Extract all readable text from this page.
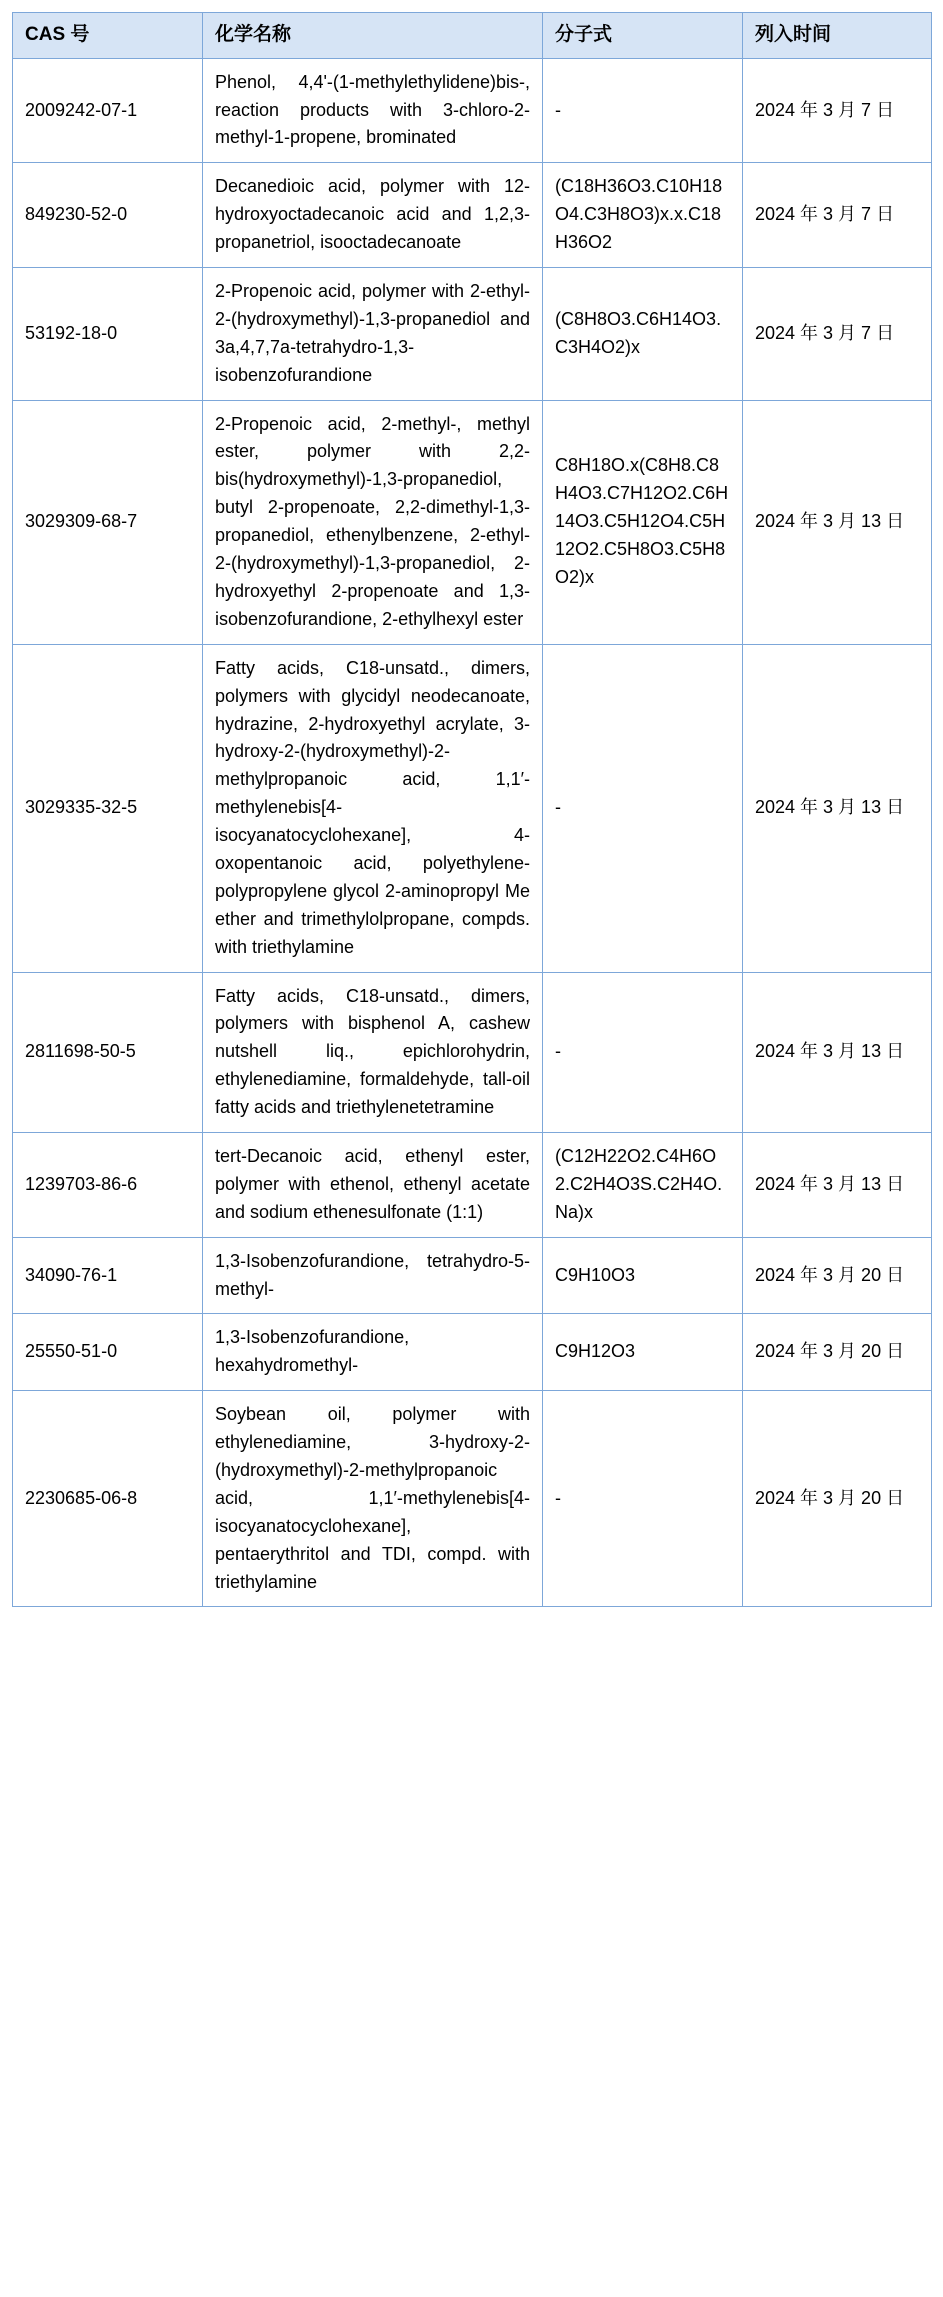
CAS 号	化学名称	分子式	列入时间
2009242-07-1	Phenol, 4,4'-(1-methylethylidene)bis-, reaction products with 3-chloro-2-methyl-1-propene, brominated	-	2024 年 3 月 7 日
849230-52-0	Decanedioic acid, polymer with 12-hydroxyoctadecanoic acid and 1,2,3-propanetriol, isooctadecanoate	(C18H36O3.C10H18O4.C3H8O3)x.x.C18H36O2	2024 年 3 月 7 日
53192-18-0	2-Propenoic acid, polymer with 2-ethyl-2-(hydroxymethyl)-1,3-propanediol and 3a,4,7,7a-tetrahydro-1,3-isobenzofurandione	(C8H8O3.C6H14O3.C3H4O2)x	2024 年 3 月 7 日
3029309-68-7	2-Propenoic acid, 2-methyl-, methyl ester, polymer with 2,2-bis(hydroxymethyl)-1,3-propanediol, butyl 2-propenoate, 2,2-dimethyl-1,3-propanediol, ethenylbenzene, 2-ethyl-2-(hydroxymethyl)-1,3-propanediol, 2-hydroxyethyl 2-propenoate and 1,3-isobenzofurandione, 2-ethylhexyl ester	C8H18O.x(C8H8.C8H4O3.C7H12O2.C6H14O3.C5H12O4.C5H12O2.C5H8O3.C5H8O2)x	2024 年 3 月 13 日
3029335-32-5	Fatty acids, C18-unsatd., dimers, polymers with glycidyl neodecanoate, hydrazine, 2-hydroxyethyl acrylate, 3-hydroxy-2-(hydroxymethyl)-2-methylpropanoic acid, 1,1′-methylenebis[4-isocyanatocyclohexane], 4-oxopentanoic acid, polyethylene-polypropylene glycol 2-aminopropyl Me ether and trimethylolpropane, compds. with triethylamine	-	2024 年 3 月 13 日
2811698-50-5	Fatty acids, C18-unsatd., dimers, polymers with bisphenol A, cashew nutshell liq., epichlorohydrin, ethylenediamine, formaldehyde, tall-oil fatty acids and triethylenetetramine	-	2024 年 3 月 13 日
1239703-86-6	tert-Decanoic acid, ethenyl ester, polymer with ethenol, ethenyl acetate and sodium ethenesulfonate (1:1)	(C12H22O2.C4H6O2.C2H4O3S.C2H4O.Na)x	2024 年 3 月 13 日
34090-76-1	1,3-Isobenzofurandione, tetrahydro-5-methyl-	C9H10O3	2024 年 3 月 20 日
25550-51-0	1,3-Isobenzofurandione, hexahydromethyl-	C9H12O3	2024 年 3 月 20 日
2230685-06-8	Soybean oil, polymer with ethylenediamine, 3-hydroxy-2-(hydroxymethyl)-2-methylpropanoic acid, 1,1′-methylenebis[4-isocyanatocyclohexane], pentaerythritol and TDI, compd. with triethylamine	-	2024 年 3 月 20 日
